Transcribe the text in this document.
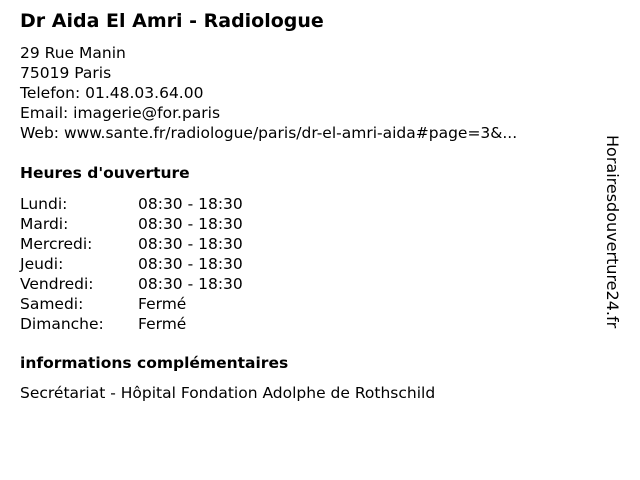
Dr Aida El Amri - Radiologue
29 Rue Manin
75019 Paris
Telefon: 01.48.03.64.00
Email: imagerie@for.paris
Web: www.sante.fr/radiologue/paris/dr-el-amri-aida#page=3&...
Heures d'ouverture
Lundi:	08:30 - 18:30
Mardi:	08:30 - 18:30
Mercredi:	08:30 - 18:30
Jeudi:	08:30 - 18:30
Vendredi:	08:30 - 18:30
Samedi:	Fermé
Dimanche:	Fermé
informations complémentaires
Secrétariat - Hôpital Fondation Adolphe de Rothschild
Horairesdouverture24.fr
